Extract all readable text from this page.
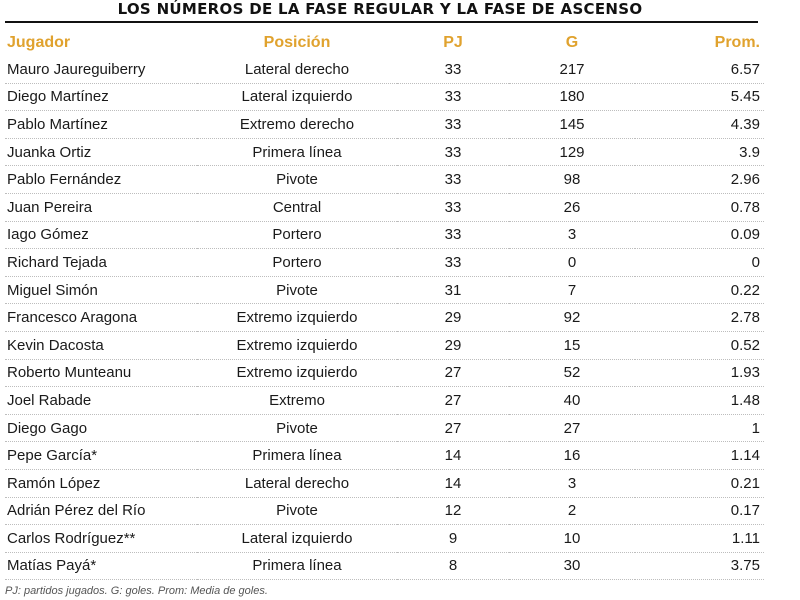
LOS NÚMEROS DE LA FASE REGULAR Y LA FASE DE ASCENSO
Jugador	Posición	PJ	G	Prom.
Mauro Jaureguiberry	Lateral derecho	33	217	6.57
Diego Martínez	Lateral izquierdo	33	180	5.45
Pablo Martínez	Extremo derecho	33	145	4.39
Juanka Ortiz	Primera línea	33	129	3.9
Pablo Fernández	Pivote	33	98	2.96
Juan Pereira	Central	33	26	0.78
Iago Gómez	Portero	33	3	0.09
Richard Tejada	Portero	33	0	0
Miguel Simón	Pivote	31	7	0.22
Francesco Aragona	Extremo izquierdo	29	92	2.78
Kevin Dacosta	Extremo izquierdo	29	15	0.52
Roberto Munteanu	Extremo izquierdo	27	52	1.93
Joel Rabade	Extremo	27	40	1.48
Diego Gago	Pivote	27	27	1
Pepe García*	Primera línea	14	16	1.14
Ramón López	Lateral derecho	14	3	0.21
Adrián Pérez del Río	Pivote	12	2	0.17
Carlos Rodríguez**	Lateral izquierdo	9	10	1.11
Matías Payá*	Primera línea	8	30	3.75
PJ: partidos jugados. G: goles. Prom: Media de goles.
